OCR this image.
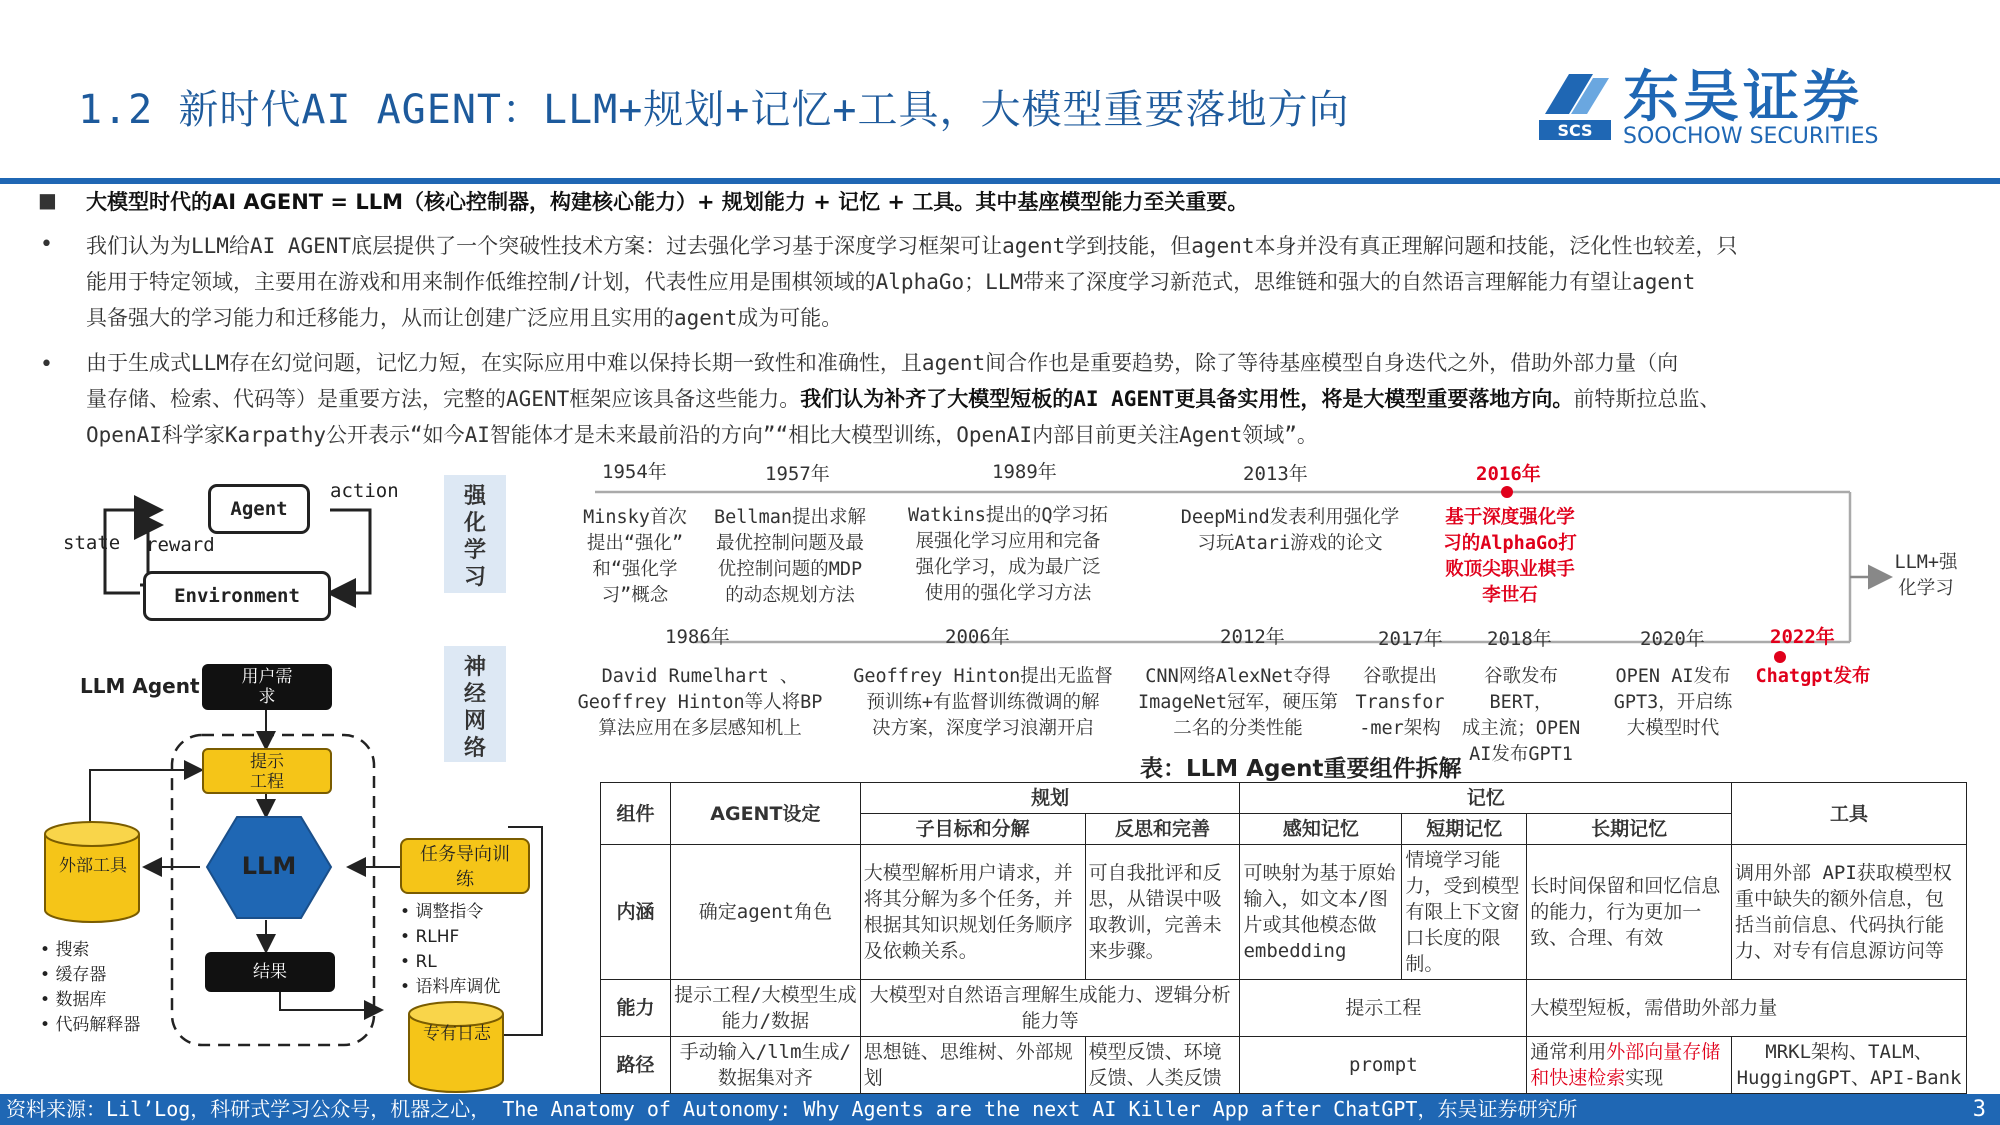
1.2 新时代AI AGENT：LLM+规划+记忆+工具，大模型重要落地方向	SCS
东吴证券
SOOCHOW SECURITIES
■ 大模型时代的AI AGENT = LLM（核心控制器，构建核心能力）+ 规划能力 + 记忆 + 工具。其中基座模型能力至关重要。
• 我们认为为LLM给AI AGENT底层提供了一个突破性技术方案：过去强化学习基于深度学习框架可让agent学到技能，但agent本身并没有真正理解问题和技能，泛化性也较差，只
能用于特定领域，主要用在游戏和用来制作低维控制/计划，代表性应用是围棋领域的AlphaGo；LLM带来了深度学习新范式，思维链和强大的自然语言理解能力有望让agent
具备强大的学习能力和迁移能力，从而让创建广泛应用且实用的agent成为可能。
• 由于生成式LLM存在幻觉问题，记忆力短，在实际应用中难以保持长期一致性和准确性，且agent间合作也是重要趋势，除了等待基座模型自身迭代之外，借助外部力量（向
量存储、检索、代码等）是重要方法，完整的AGENT框架应该具备这些能力。我们认为补齐了大模型短板的AI AGENT更具备实用性，将是大模型重要落地方向。前特斯拉总监、
OpenAI科学家Karpathy公开表示“如今AI智能体才是未来最前沿的方向”“相比大模型训练，OpenAI内部目前更关注Agent领域”。
Agent
Environment
action
state reward
强化学习
神经网络
1954年
Minsky首次
提出“强化”
和“强化学
习”概念
1957年
Bellman提出求解
最优控制问题及最
优控制问题的MDP
的动态规划方法
1989年
Watkins提出的Q学习拓
展强化学习应用和完备
强化学习，成为最广泛
使用的强化学习方法
2013年
DeepMind发表利用强化学
习玩Atari游戏的论文
2016年
基于深度强化学
习的AlphaGo打
败顶尖职业棋手
李世石
LLM+强化学习
1986年
David Rumelhart 、
Geoffrey Hinton等人将BP
算法应用在多层感知机上
2006年
Geoffrey Hinton提出无监督
预训练+有监督训练微调的解
决方案，深度学习浪潮开启
2012年
CNN网络AlexNet夺得
ImageNet冠军，硬压第
二名的分类性能
2017年
谷歌提出
Transfor
-mer架构
2018年
谷歌发布BERT，
成主流；OPEN
AI发布GPT1
2020年
OPEN AI发布
GPT3，开启练
大模型时代
2022年
Chatgpt发布
LLM Agent	用户需求
提示工程
LLM
结果
任务导向训练
• 调整指令
• RLHF
• RL
• 语料库调优
外部工具
• 搜索
• 缓存器
• 数据库
• 代码解释器	专有日志
表：LLM Agent重要组件拆解
组件	AGENT设定	规划		记忆			工具
		子目标和分解	反思和完善	感知记忆	短期记忆	长期记忆	
内涵	确定agent角色	大模型解析用户请求，并将其分解为多个任务，并根据其知识规划任务顺序及依赖关系。	可自我批评和反思，从错误中吸取教训，完善未来步骤。	可映射为基于原始输入，如文本/图片或其他模态做embedding	情境学习能力，受到模型有限上下文窗口长度的限制。	长时间保留和回忆信息的能力，行为更加一致、合理、有效	调用外部 API获取模型权重中缺失的额外信息，包括当前信息、代码执行能力、对专有信息源访问等
能力	提示工程/大模型生成能力/数据	大模型对自然语言理解生成能力、逻辑分析能力等		提示工程		大模型短板，需借助外部力量	
路径	手动输入/llm生成/数据集对齐	思想链、思维树、外部规划	模型反馈、环境反馈、人类反馈	prompt		通常利用外部向量存储和快速检索实现	MRKL架构、TALM、HuggingGPT、API-Bank
资料来源：Lil’Log，科研式学习公众号，机器之心， The Anatomy of Autonomy: Why Agents are the next AI Killer App after ChatGPT，东吴证券研究所	3
